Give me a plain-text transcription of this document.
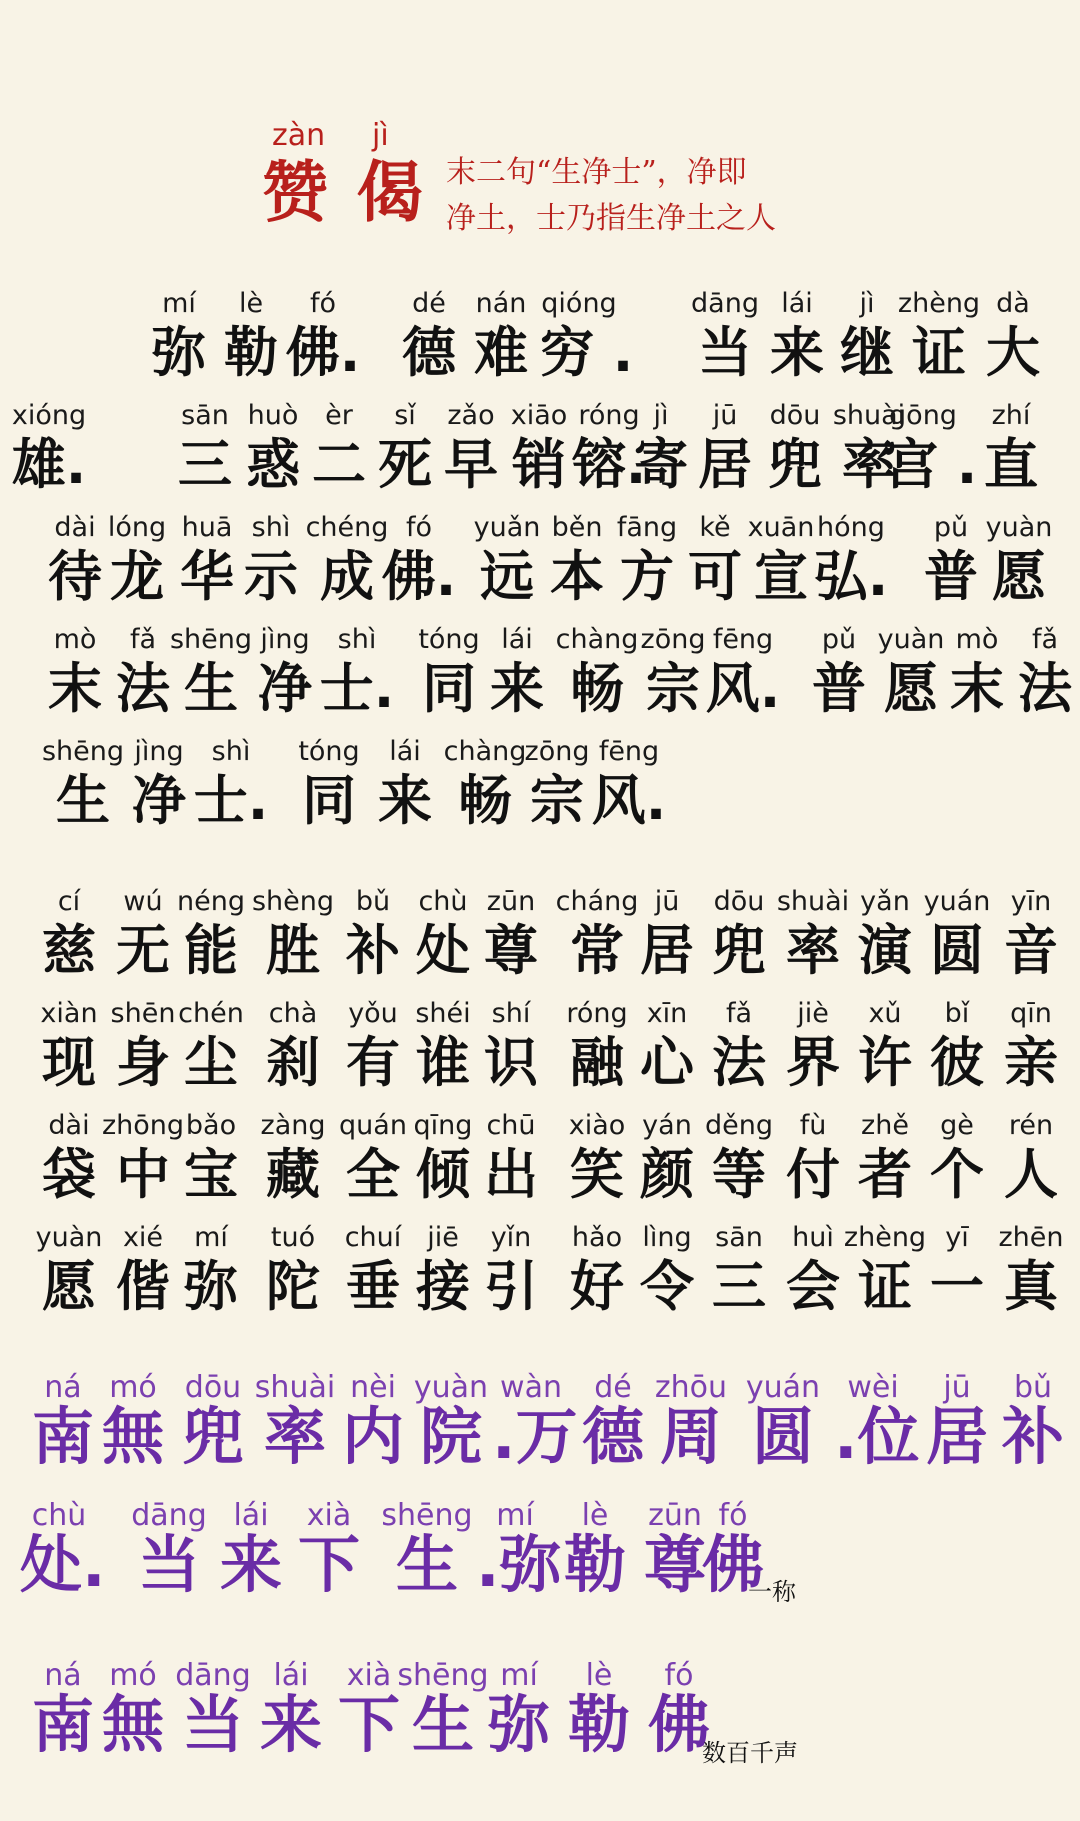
zàn
赞
jì
偈 末二句“生净士”，净即
净土，士乃指生净土之人
mí
弥
lè
勒
fó
佛.
dé
德
nán
难
qióng
穷 .
dāng
当
lái
来
jì
继
zhèng
证
dà
大
xióng
雄.
sān
三
huò
惑
èr
二
sǐ
死
zǎo
早
xiāo
销
róng
镕.
jì
寄
jū
居
dōu
兜
shuài
率
gōng
宫 .
zhí
直
dài
待
lóng
龙
huā
华
shì
示
chéng
成
fó
佛.
yuǎn
远
běn
本
fāng
方
kě
可
xuān
宣
hóng
弘.
pǔ
普
yuàn
愿
mò
末
fǎ
法
shēng
生
jìng
净
shì
士.
tóng
同
lái
来
chàng
畅
zōng
宗
fēng
风.
pǔ
普
yuàn
愿
mò
末
fǎ
法
shēng
生
jìng
净
shì
士.
tóng
同
lái
来
chàng
畅
zōng
宗
fēng
风.
cí
慈
wú
无
néng
能
shèng
胜
bǔ
补
chù
处
zūn
尊
cháng
常
jū
居
dōu
兜
shuài
率
yǎn
演
yuán
圆
yīn
音
xiàn
现
shēn
身
chén
尘
chà
刹
yǒu
有
shéi
谁
shí
识
róng
融
xīn
心
fǎ
法
jiè
界
xǔ
许
bǐ
彼
qīn
亲
dài
袋
zhōng
中
bǎo
宝
zàng
藏
quán
全
qīng
倾
chū
出
xiào
笑
yán
颜
děng
等
fù
付
zhě
者
gè
个
rén
人
yuàn
愿
xié
偕
mí
弥
tuó
陀
chuí
垂
jiē
接
yǐn
引
hǎo
好
lìng
令
sān
三
huì
会
zhèng
证
yī
一
zhēn
真
ná
南
mó
無
dōu
兜
shuài
率
nèi
内
yuàn
院
wàn
.万
dé
德
zhōu
周
yuán
圆
wèi
.位
jū
居
bǔ
补
chù
处.
dāng
当
lái
来
xià
下
shēng
生
mí
.弥
lè
勒
zūn
尊
fó
佛
ná
南
mó
無
dāng
当
lái
来
xià
下
shēng
生
mí
弥
lè
勒
fó
佛
一称
数百千声
